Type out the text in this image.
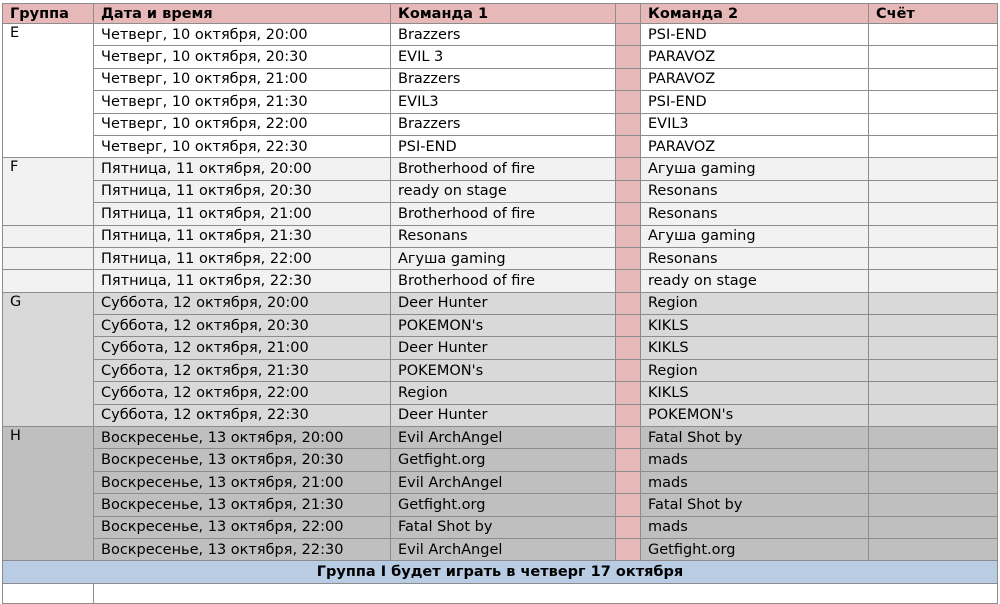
Группа	Дата и время	Команда 1		Команда 2	Счёт
E	Четверг, 10 октября, 20:00	Brazzers		PSI-END	
	Четверг, 10 октября, 20:30	EVIL 3		PARAVOZ	
	Четверг, 10 октября, 21:00	Brazzers		PARAVOZ	
	Четверг, 10 октября, 21:30	EVIL3		PSI-END	
	Четверг, 10 октября, 22:00	Brazzers		EVIL3	
	Четверг, 10 октября, 22:30	PSI-END		PARAVOZ	
F	Пятница, 11 октября, 20:00	Brotherhood of fire		Агуша gaming	
	Пятница, 11 октября, 20:30	ready on stage		Resonans	
	Пятница, 11 октября, 21:00	Brotherhood of fire		Resonans	
	Пятница, 11 октября, 21:30	Resonans		Агуша gaming	
	Пятница, 11 октября, 22:00	Агуша gaming		Resonans	
	Пятница, 11 октября, 22:30	Brotherhood of fire		ready on stage	
G	Суббота, 12 октября, 20:00	Deer Hunter		Region	
	Суббота, 12 октября, 20:30	POKEMON's		KIKLS	
	Суббота, 12 октября, 21:00	Deer Hunter		KIKLS	
	Суббота, 12 октября, 21:30	POKEMON's		Region	
	Суббота, 12 октября, 22:00	Region		KIKLS	
	Суббота, 12 октября, 22:30	Deer Hunter		POKEMON's	
H	Воскресенье, 13 октября, 20:00	Evil ArchAngel		Fatal Shot by	
	Воскресенье, 13 октября, 20:30	Getfight.org		mads	
	Воскресенье, 13 октября, 21:00	Evil ArchAngel		mads	
	Воскресенье, 13 октября, 21:30	Getfight.org		Fatal Shot by	
	Воскресенье, 13 октября, 22:00	Fatal Shot by		mads	
	Воскресенье, 13 октября, 22:30	Evil ArchAngel		Getfight.org	
Группа I будет играть в четверг 17 октября					
